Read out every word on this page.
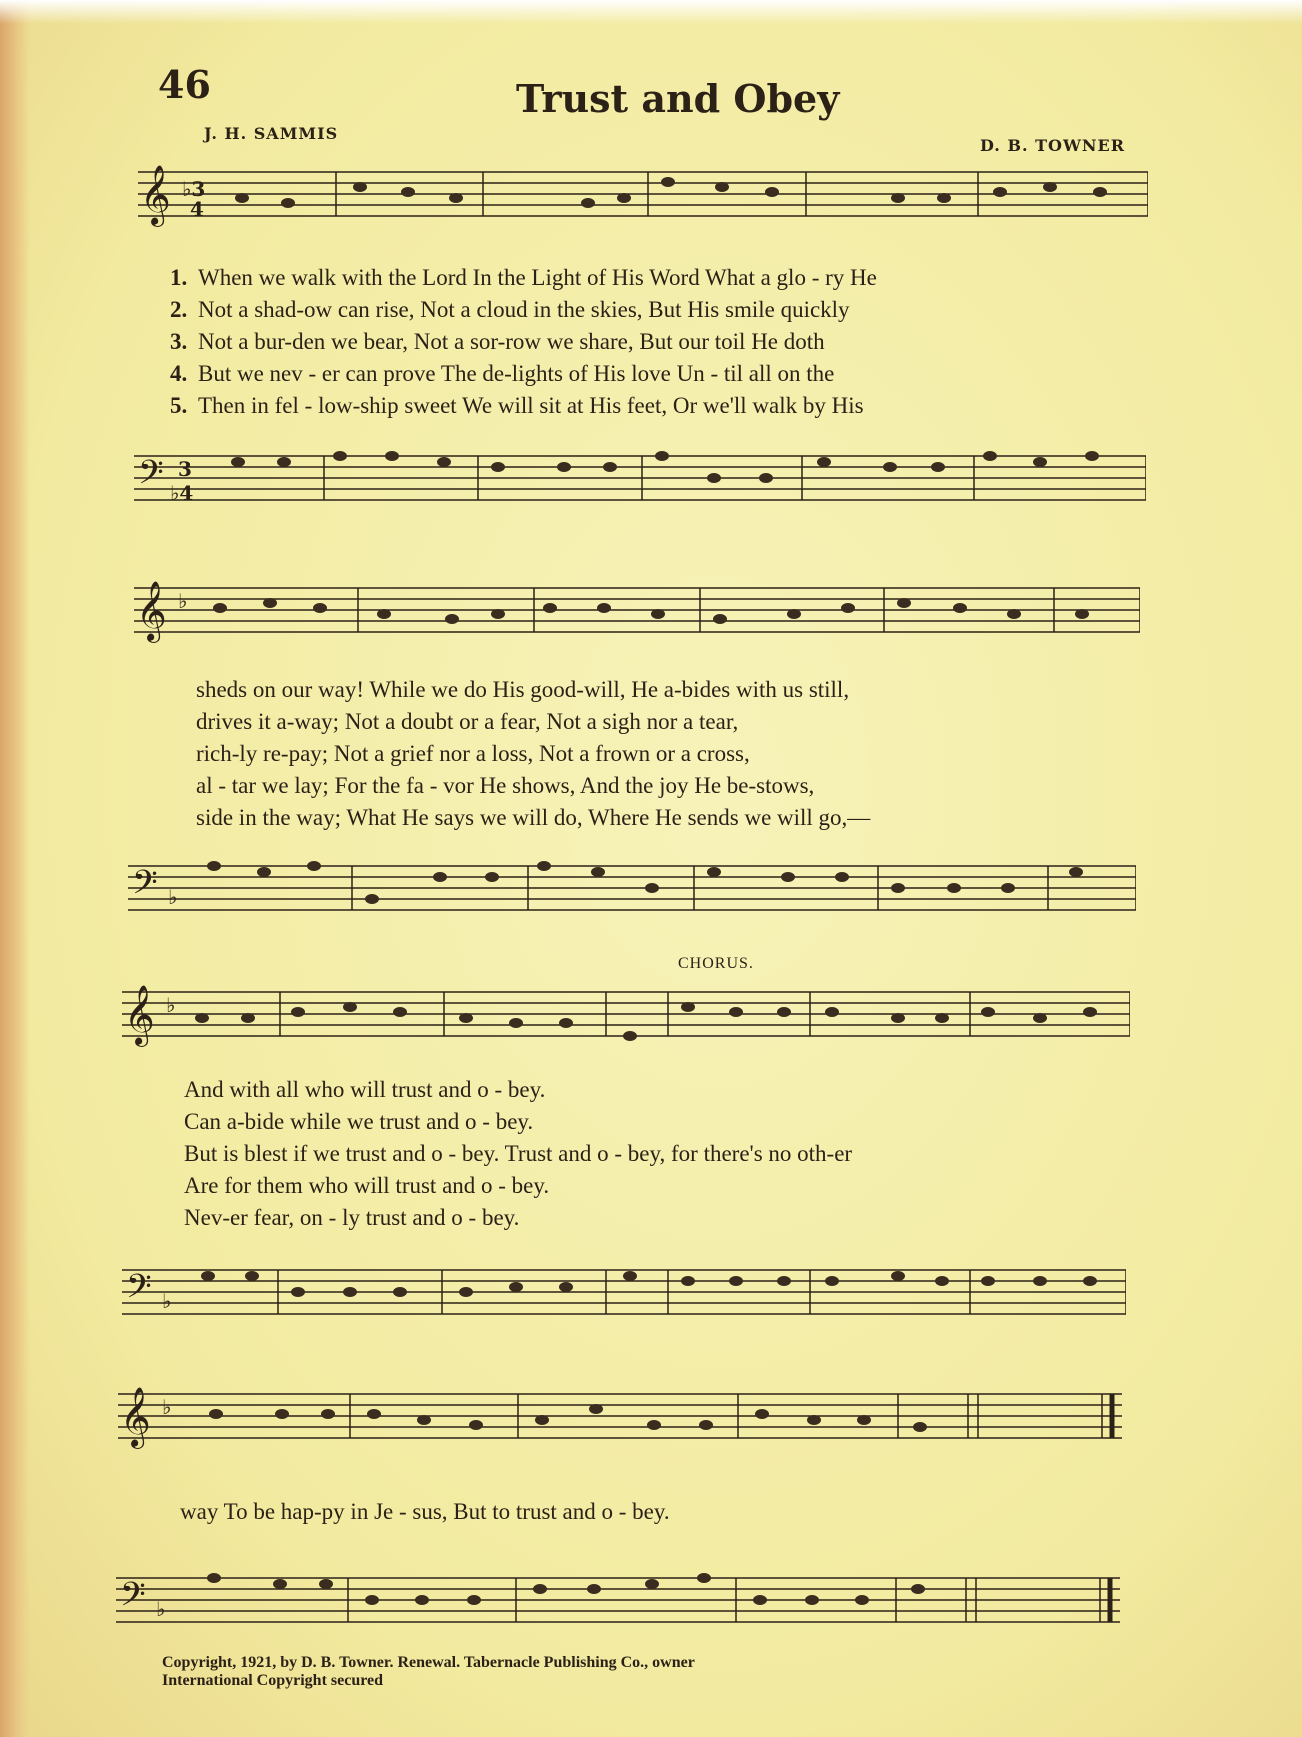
46	Trust and Obey
J. H. SAMMIS
D. B. TOWNER
𝄞 ♭3
4
1. When we walk with the Lord In the Light of His Word What a glo - ry He
2. Not a shad-ow can rise, Not a cloud in the skies, But His smile quickly
3. Not a bur-den we bear, Not a sor-row we share, But our toil He doth
4. But we nev - er can prove The de-lights of His love Un - til all on the
5. Then in fel - low-ship sweet We will sit at His feet, Or we'll walk by His
𝄢 3
♭4
𝄞 ♭
sheds on our way! While we do His good-will, He a-bides with us still,
drives it a-way; Not a doubt or a fear, Not a sigh nor a tear,
rich-ly re-pay; Not a grief nor a loss, Not a frown or a cross,
al - tar we lay; For the fa - vor He shows, And the joy He be-stows,
side in the way; What He says we will do, Where He sends we will go,—
𝄢 ♭
CHORUS.
𝄞 ♭
And with all who will trust and o - bey.
Can a-bide while we trust and o - bey.
But is blest if we trust and o - bey. Trust and o - bey, for there's no oth-er
Are for them who will trust and o - bey.
Nev-er fear, on - ly trust and o - bey.
𝄢 ♭
𝄞 ♭
way To be hap-py in Je - sus, But to trust and o - bey.
𝄢 ♭
Copyright, 1921, by D. B. Towner. Renewal. Tabernacle Publishing Co., owner
International Copyright secured
